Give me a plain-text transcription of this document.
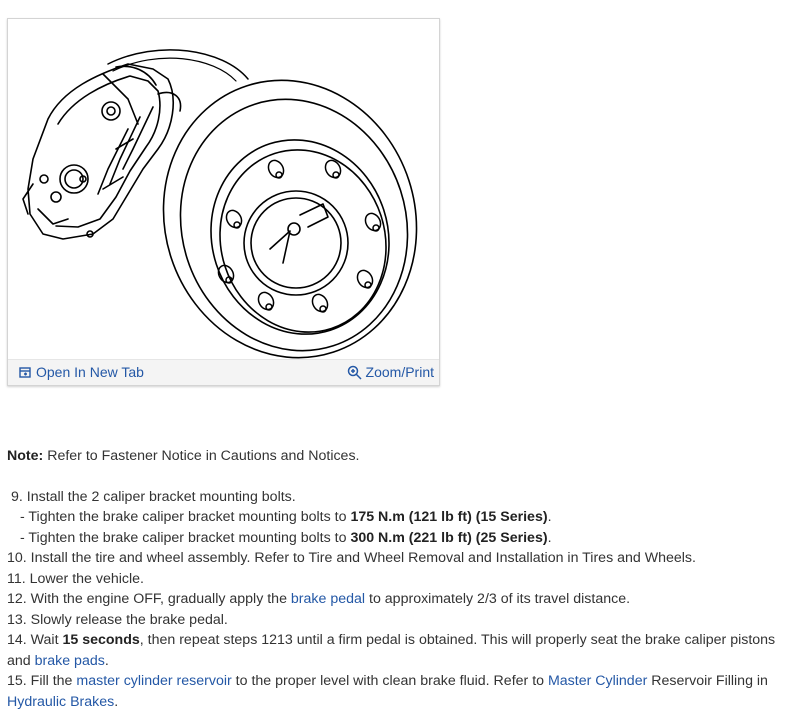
Open In New Tab	Zoom/Print

Note: Refer to Fastener Notice in Cautions and Notices.

9. Install the 2 caliper bracket mounting bolts.

- Tighten the brake caliper bracket mounting bolts to 175 N.m (121 lb ft) (15 Series).

- Tighten the brake caliper bracket mounting bolts to 300 N.m (221 lb ft) (25 Series).

10. Install the tire and wheel assembly. Refer to Tire and Wheel Removal and Installation in Tires and Wheels.

11. Lower the vehicle.

12. With the engine OFF, gradually apply the brake pedal to approximately 2/3 of its travel distance.

13. Slowly release the brake pedal.

14. Wait 15 seconds, then repeat steps 1213 until a firm pedal is obtained. This will properly seat the brake caliper pistons and brake pads.

15. Fill the master cylinder reservoir to the proper level with clean brake fluid. Refer to Master Cylinder Reservoir Filling in Hydraulic Brakes.
